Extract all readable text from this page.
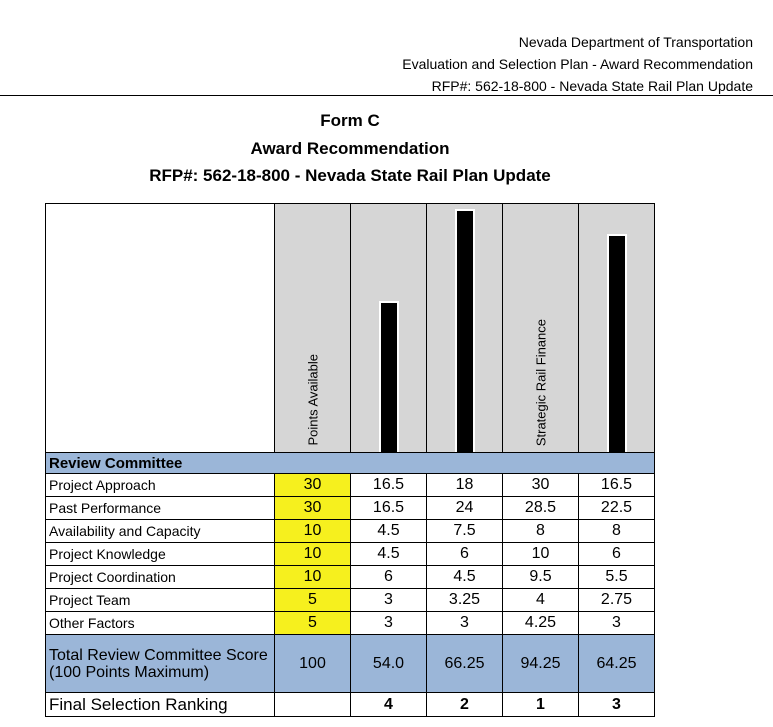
Nevada Department of Transportation
Evaluation and Selection Plan - Award Recommendation
RFP#: 562-18-800 - Nevada State Rail Plan Update
Form C
Award Recommendation
RFP#: 562-18-800 - Nevada State Rail Plan Update

	Points Available			Strategic Rail Finance	

Review Committee					
Project Approach	30	16.5	18	30	16.5
Past Performance	30	16.5	24	28.5	22.5
Availability and Capacity	10	4.5	7.5	8	8
Project Knowledge	10	4.5	6	10	6
Project Coordination	10	6	4.5	9.5	5.5
Project Team	5	3	3.25	4	2.75
Other Factors	5	3	3	4.25	3
Total Review Committee Score (100 Points Maximum)	100	54.0	66.25	94.25	64.25
Final Selection Ranking		4	2	1	3
